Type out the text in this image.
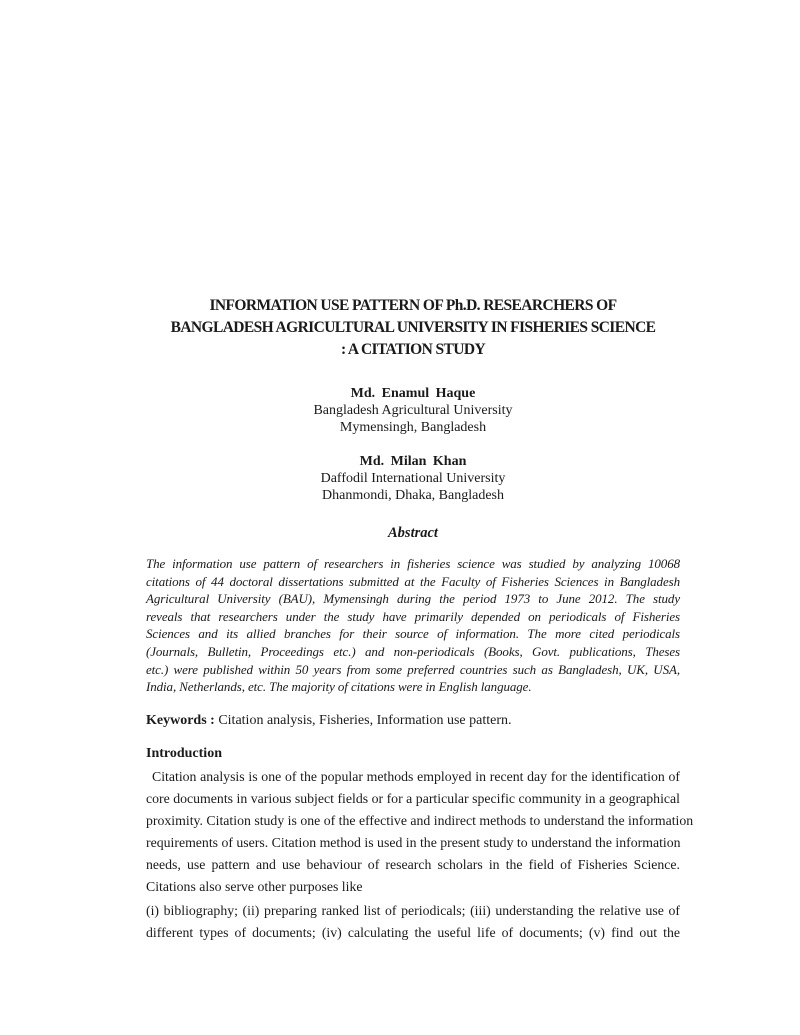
INFORMATION USE PATTERN OF Ph.D. RESEARCHERS OF
BANGLADESH AGRICULTURAL UNIVERSITY IN FISHERIES SCIENCE
: A CITATION STUDY
Md. Enamul Haque
Bangladesh Agricultural University
Mymensingh, Bangladesh
Md. Milan Khan
Daffodil International University
Dhanmondi, Dhaka, Bangladesh
Abstract
The information use pattern of researchers in fisheries science was studied by analyzing 10068
citations of 44 doctoral dissertations submitted at the Faculty of Fisheries Sciences in Bangladesh
Agricultural University (BAU), Mymensingh during the period 1973 to June 2012. The study
reveals that researchers under the study have primarily depended on periodicals of Fisheries
Sciences and its allied branches for their source of information. The more cited periodicals
(Journals, Bulletin, Proceedings etc.) and non-periodicals (Books, Govt. publications, Theses
etc.) were published within 50 years from some preferred countries such as Bangladesh, UK, USA,
India, Netherlands, etc. The majority of citations were in English language.
Keywords : Citation analysis, Fisheries, Information use pattern.
Introduction
Citation analysis is one of the popular methods employed in recent day for the identification of
core documents in various subject fields or for a particular specific community in a geographical
proximity. Citation study is one of the effective and indirect methods to understand the information
requirements of users. Citation method is used in the present study to understand the information
needs, use pattern and use behaviour of research scholars in the field of Fisheries Science.
Citations also serve other purposes like
(i) bibliography; (ii) preparing ranked list of periodicals; (iii) understanding the relative use of
different types of documents; (iv) calculating the useful life of documents; (v) find out the
